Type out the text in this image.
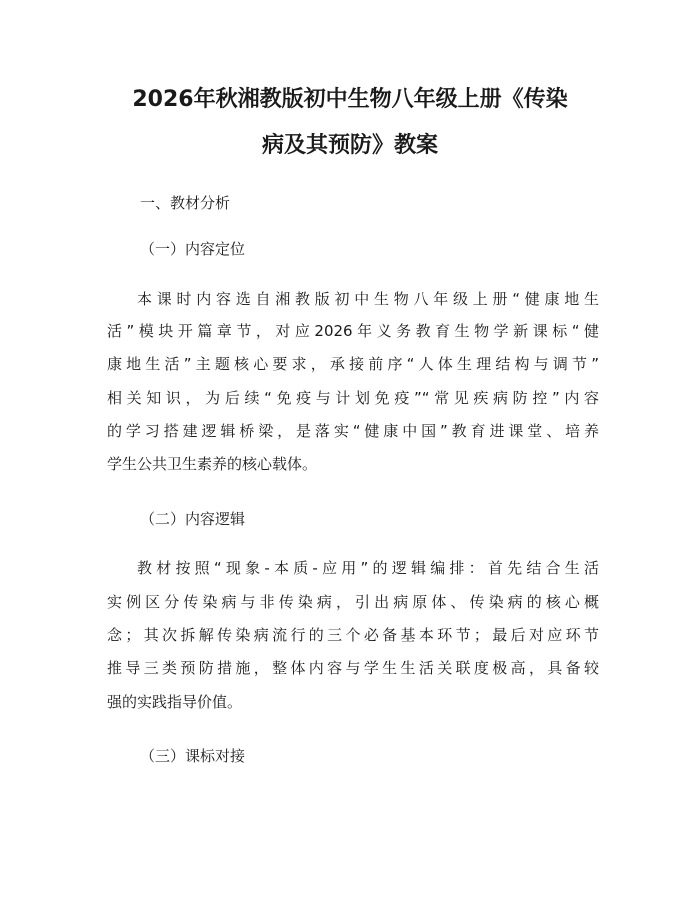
2026年秋湘教版初中生物八年级上册《传染
病及其预防》教案
一、教材分析
（一）内容定位

本课时内容选自湘教版初中生物八年级上册“健康地生

活”模块开篇章节，对应2026年义务教育生物学新课标“健

康地生活”主题核心要求，承接前序“人体生理结构与调节”

相关知识，为后续“免疫与计划免疫”“常见疾病防控”内容

的学习搭建逻辑桥梁，是落实“健康中国”教育进课堂、培养

学生公共卫生素养的核心载体。

（二）内容逻辑

教材按照“现象-本质-应用”的逻辑编排：首先结合生活

实例区分传染病与非传染病，引出病原体、传染病的核心概

念；其次拆解传染病流行的三个必备基本环节；最后对应环节

推导三类预防措施，整体内容与学生生活关联度极高，具备较

强的实践指导价值。

（三）课标对接
